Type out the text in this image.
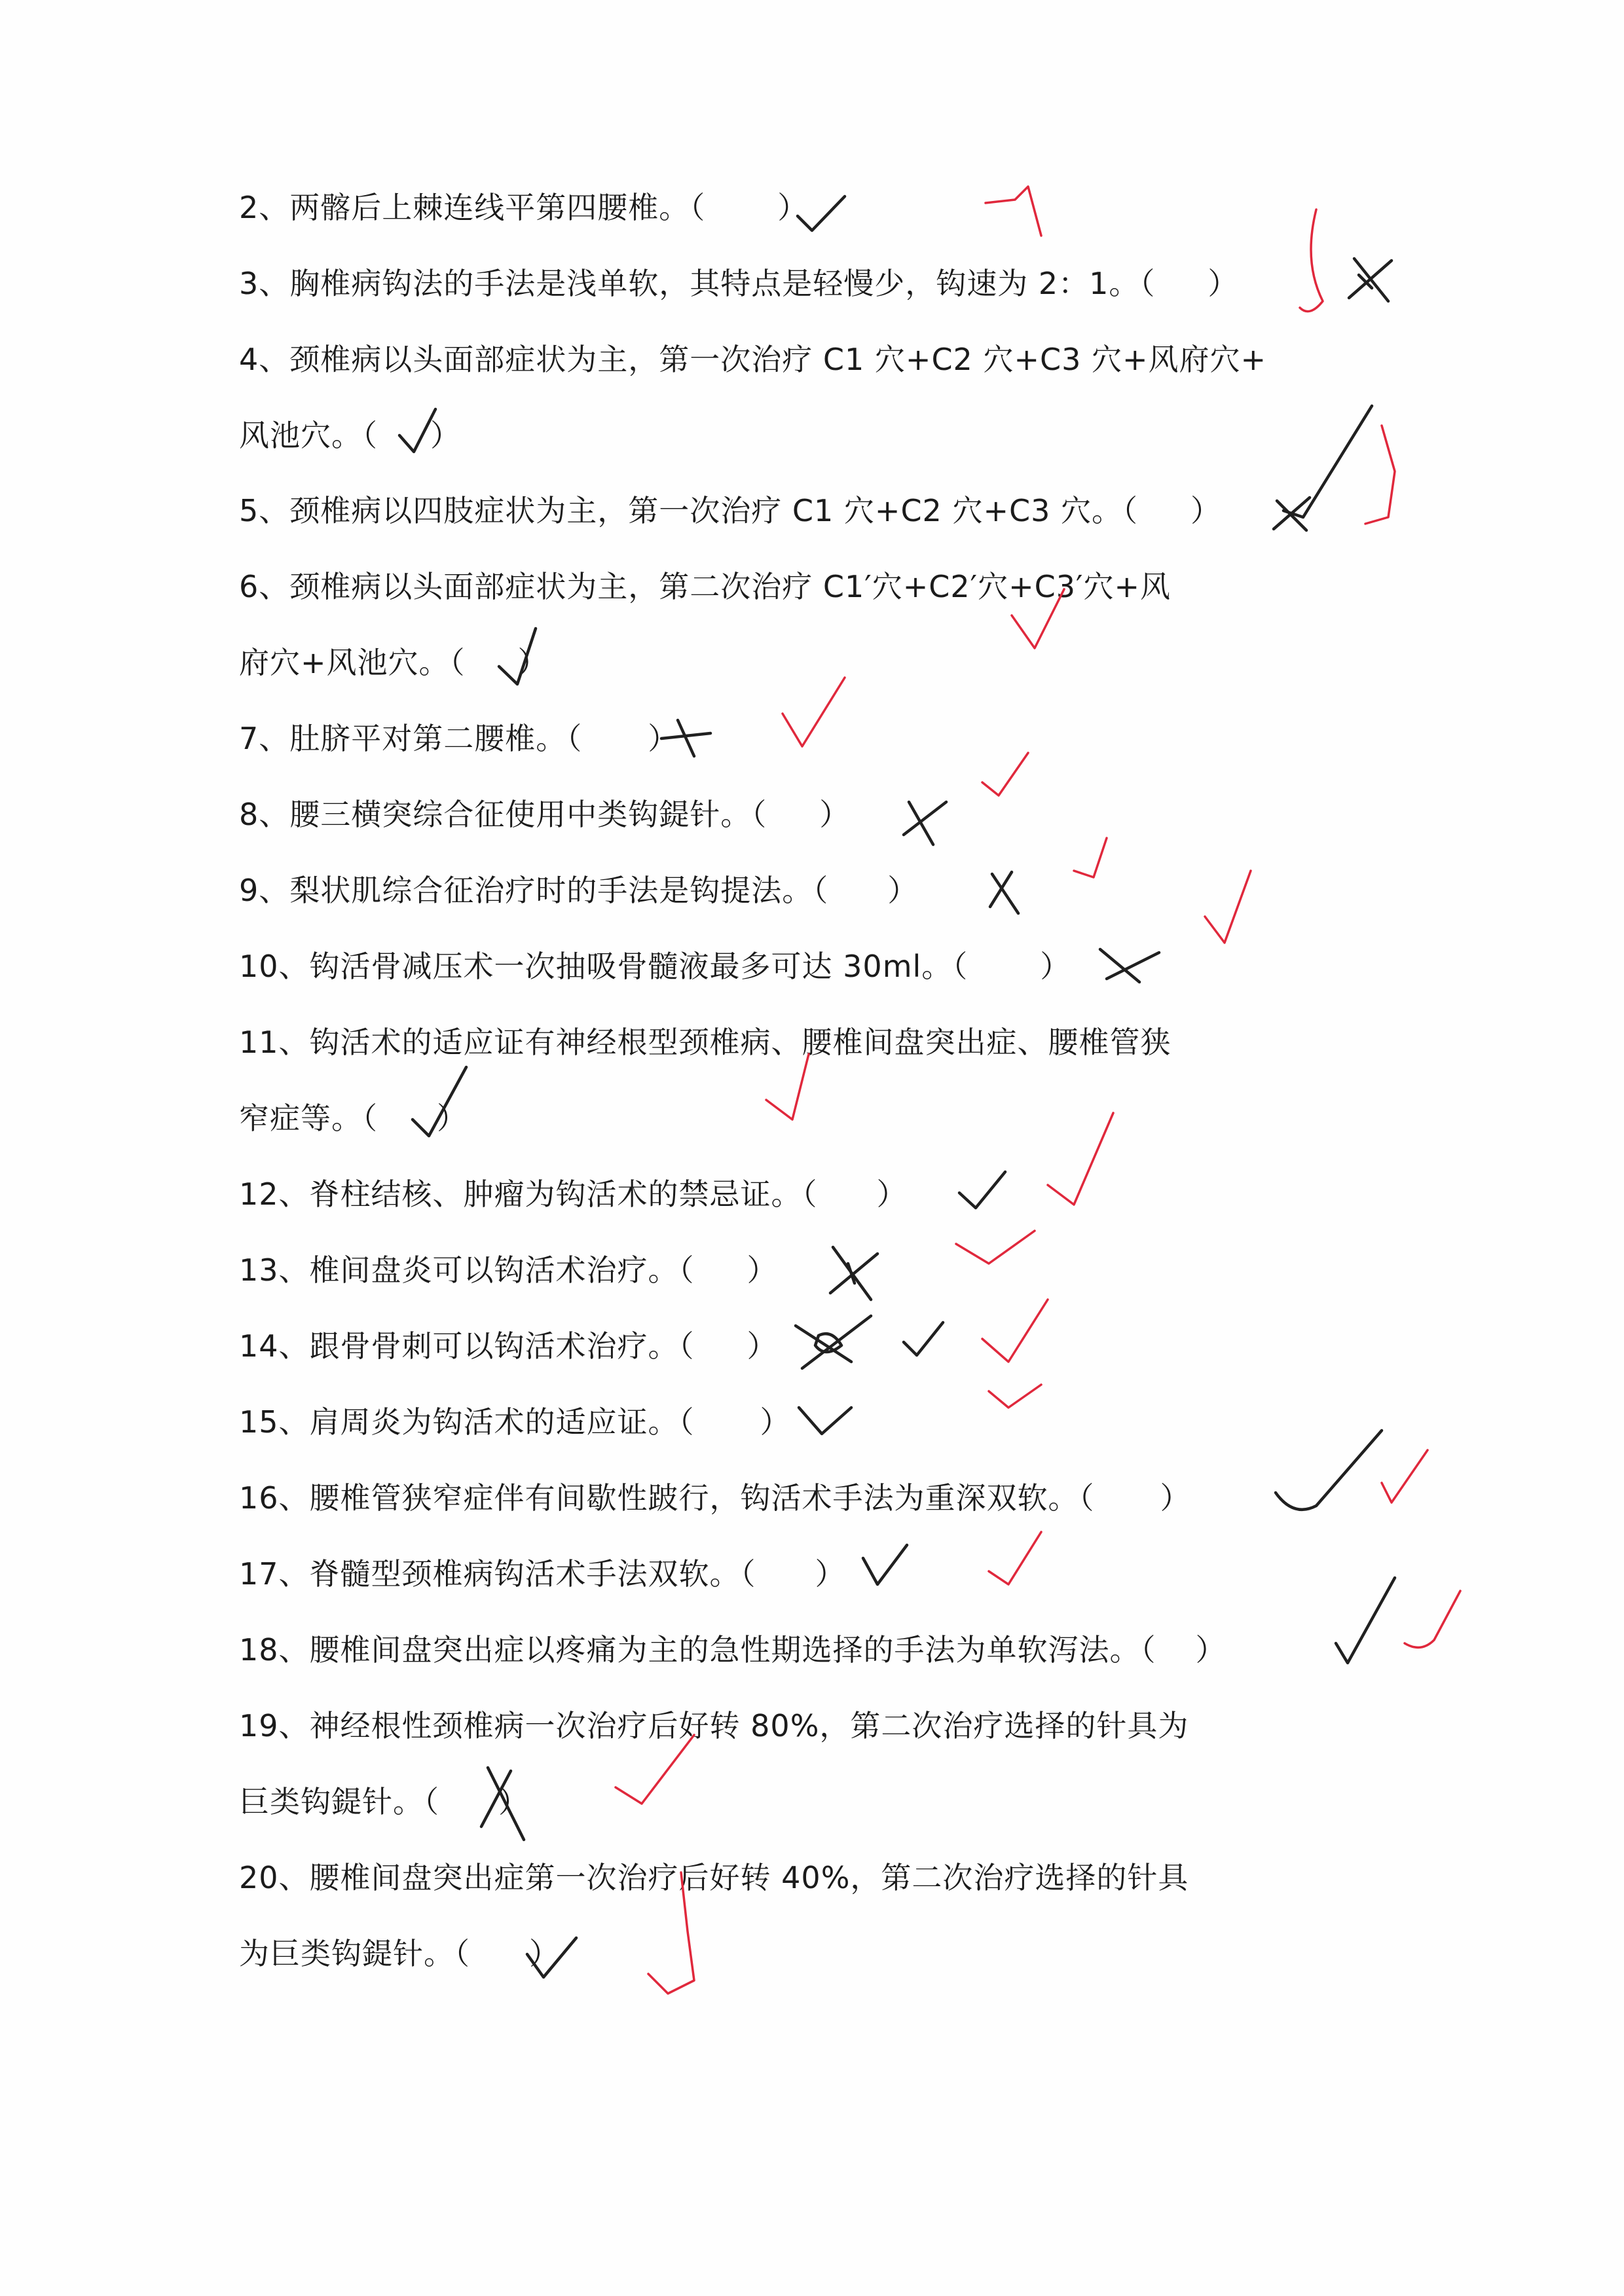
2、两髂后上棘连线平第四腰椎。（ ）
3、胸椎病钩法的手法是浅单软，其特点是轻慢少，钩速为 2：1。（ ）
4、颈椎病以头面部症状为主，第一次治疗 C1 穴+C2 穴+C3 穴+风府穴+
风池穴。（ ）
5、颈椎病以四肢症状为主，第一次治疗 C1 穴+C2 穴+C3 穴。（ ）
6、颈椎病以头面部症状为主，第二次治疗 C1′穴+C2′穴+C3′穴+风
府穴+风池穴。（ ）
7、肚脐平对第二腰椎。（ ）
8、腰三横突综合征使用中类钩鍉针。（ ）
9、梨状肌综合征治疗时的手法是钩提法。（ ）
10、钩活骨减压术一次抽吸骨髓液最多可达 30ml。（ ）
11、钩活术的适应证有神经根型颈椎病、腰椎间盘突出症、腰椎管狭
窄症等。（ ）
12、脊柱结核、肿瘤为钩活术的禁忌证。（ ）
13、椎间盘炎可以钩活术治疗。（ ）
14、跟骨骨刺可以钩活术治疗。（ ）
15、肩周炎为钩活术的适应证。（ ）
16、腰椎管狭窄症伴有间歇性跛行，钩活术手法为重深双软。（ ）
17、脊髓型颈椎病钩活术手法双软。（ ）
18、腰椎间盘突出症以疼痛为主的急性期选择的手法为单软泻法。（ ）
19、神经根性颈椎病一次治疗后好转 80%，第二次治疗选择的针具为
巨类钩鍉针。（ ）
20、腰椎间盘突出症第一次治疗后好转 40%，第二次治疗选择的针具
为巨类钩鍉针。（ ）
